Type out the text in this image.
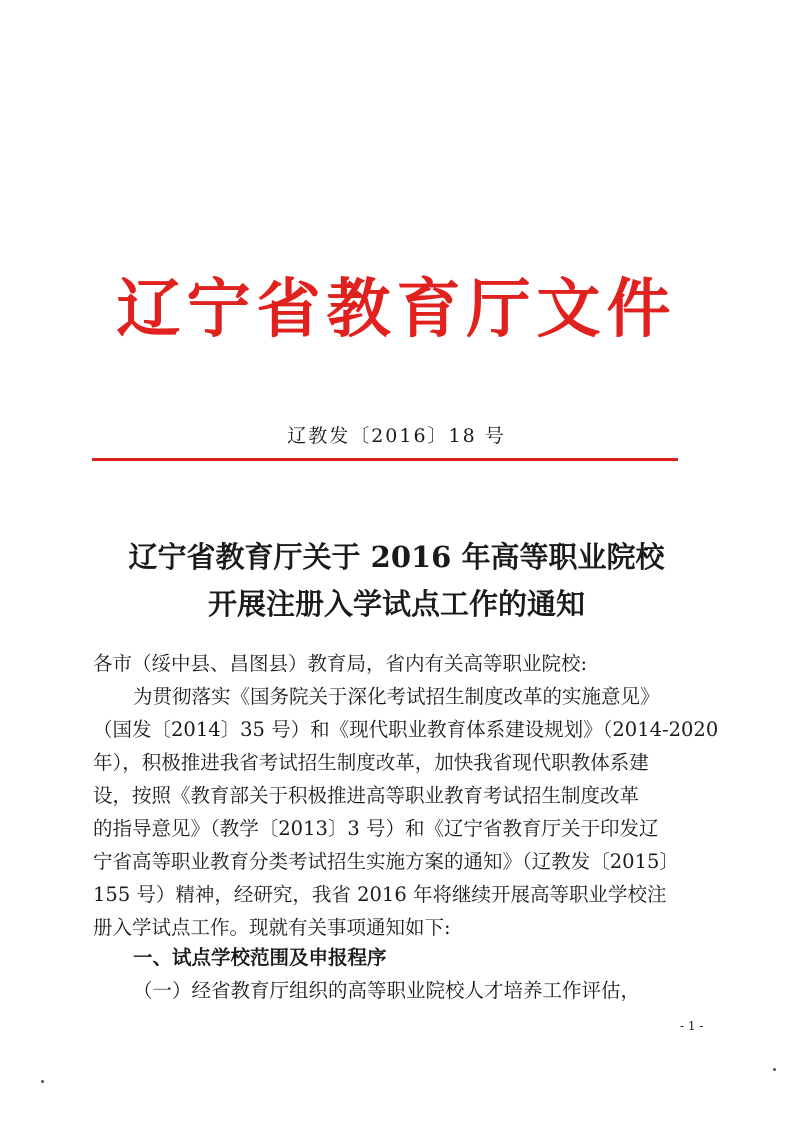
辽宁省教育厅文件
辽教发〔2016〕18 号
辽宁省教育厅关于 2016 年高等职业院校
开展注册入学试点工作的通知
各市（绥中县、昌图县）教育局，省内有关高等职业院校:
为贯彻落实《国务院关于深化考试招生制度改革的实施意见》
（国发〔2014〕35 号）和《现代职业教育体系建设规划》（2014-2020
年），积极推进我省考试招生制度改革，加快我省现代职教体系建
设，按照《教育部关于积极推进高等职业教育考试招生制度改革
的指导意见》（教学〔2013〕3 号）和《辽宁省教育厅关于印发辽
宁省高等职业教育分类考试招生实施方案的通知》（辽教发〔2015〕
155 号）精神，经研究，我省 2016 年将继续开展高等职业学校注
册入学试点工作。现就有关事项通知如下:
一、试点学校范围及申报程序
（一）经省教育厅组织的高等职业院校人才培养工作评估，
- 1 -
